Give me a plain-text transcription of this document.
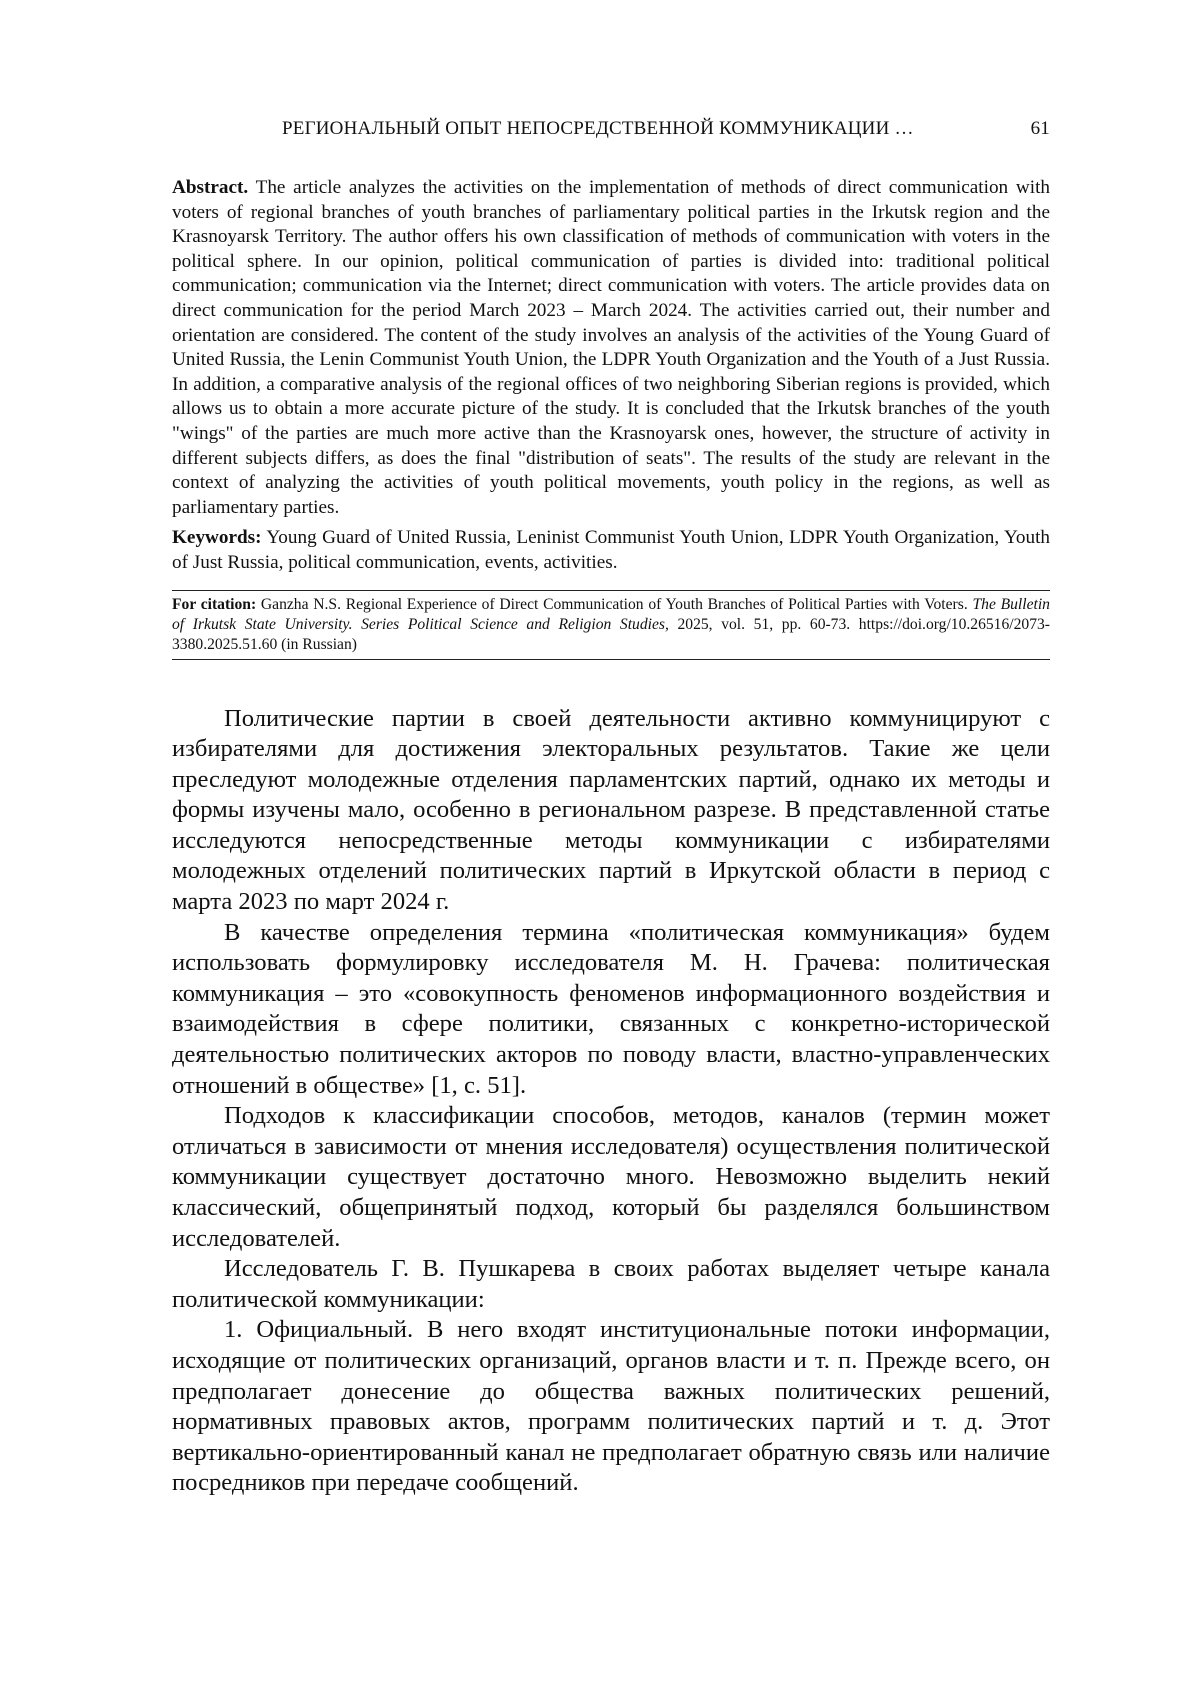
РЕГИОНАЛЬНЫЙ ОПЫТ НЕПОСРЕДСТВЕННОЙ КОММУНИКАЦИИ …	61

Abstract. The article analyzes the activities on the implementation of methods of direct communica­tion with voters of regional branches of youth branches of parliamentary political parties in the Ir­kutsk region and the Krasnoyarsk Territory. The author offers his own classification of methods of communication with voters in the political sphere. In our opinion, political communication of parties is divided into: traditional political communication; communication via the Internet; direct commu­nication with voters. The article provides data on direct communication for the period March 2023 – March 2024. The activities carried out, their number and orientation are considered. The content of the study involves an analysis of the activities of the Young Guard of United Russia, the Lenin Communist Youth Union, the LDPR Youth Organization and the Youth of a Just Russia. In addition, a comparative analysis of the regional offices of two neighboring Siberian regions is provided, which allows us to obtain a more accurate picture of the study. It is concluded that the Irkutsk branches of the youth "wings" of the parties are much more active than the Krasnoyarsk ones, however, the struc­ture of activity in different subjects differs, as does the final "distribution of seats". The results of the study are relevant in the context of analyzing the activities of youth political movements, youth poli­cy in the regions, as well as parliamentary parties.

Keywords: Young Guard of United Russia, Leninist Communist Youth Union, LDPR Youth Organ­ization, Youth of Just Russia, political communication, events, activities.

For citation: Ganzha N.S. Regional Experience of Direct Communication of Youth Branches of Political Parties with Voters. The Bulletin of Irkutsk State University. Series Political Science and Religion Studies, 2025, vol. 51, pp. 60-73. https://doi.org/10.26516/2073-3380.2025.51.60 (in Russian)

Политические партии в своей деятельности активно коммуницируют с избирателями для достижения электоральных результатов. Такие же цели преследуют молодежные отделения парламентских партий, однако их мето­ды и формы изучены мало, особенно в региональном разрезе. В представ­ленной статье исследуются непосредственные методы коммуникации с из­бирателями молодежных отделений политических партий в Иркутской обла­сти в период с марта 2023 по март 2024 г.

В качестве определения термина «политическая коммуникация» будем использовать формулировку исследователя М. Н. Грачева: политическая коммуникация – это «совокупность феноменов информационного воздей­ствия и взаимодействия в сфере политики, связанных с конкретно-исторической деятельностью политических акторов по поводу власти, власт­но-управленческих отношений в обществе» [1, с. 51].

Подходов к классификации способов, методов, каналов (термин может отличаться в зависимости от мнения исследователя) осуществления полити­ческой коммуникации существует достаточно много. Невозможно выделить некий классический, общепринятый подход, который бы разделялся боль­шинством исследователей.

Исследователь Г. В. Пушкарева в своих работах выделяет четыре канала политической коммуникации:

1. Официальный. В него входят институциональные потоки информа­ции, исходящие от политических организаций, органов власти и т. п. Прежде всего, он предполагает донесение до общества важных политических реше­ний, нормативных правовых актов, программ политических партий и т. д. Этот вертикально-ориентированный канал не предполагает обратную связь или наличие посредников при передаче сообщений.
